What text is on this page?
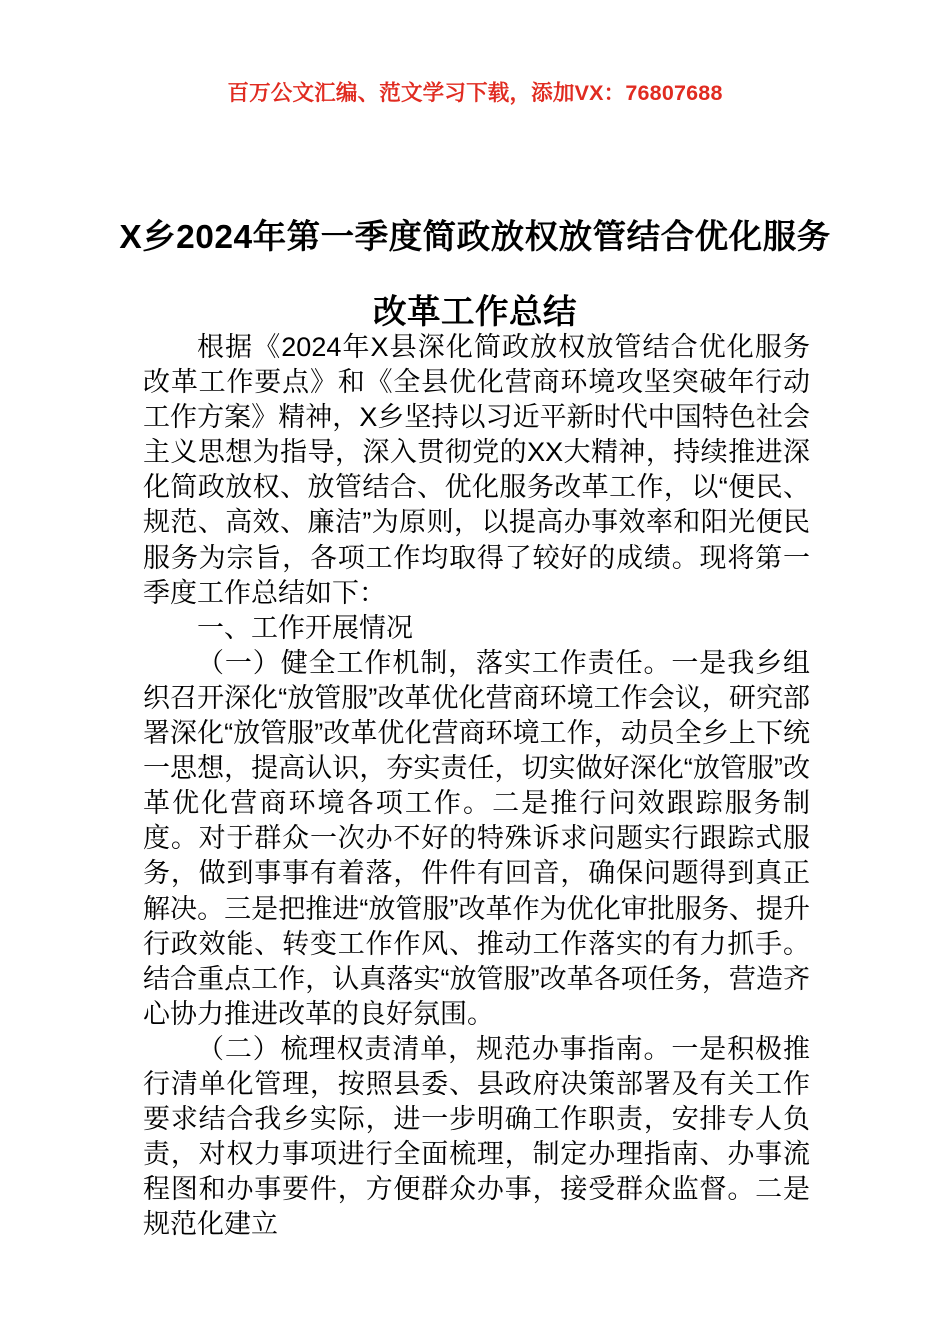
百万公文汇编、范文学习下载，添加VX：76807688
X乡2024年第一季度简政放权放管结合优化服务改革工作总结

根据《2024年X县深化简政放权放管结合优化服务改革工作要点》和《全县优化营商环境攻坚突破年行动工作方案》精神，X乡坚持以习近平新时代中国特色社会主义思想为指导，深入贯彻党的XX大精神，持续推进深化简政放权、放管结合、优化服务改革工作，以“便民、规范、高效、廉洁”为原则，以提高办事效率和阳光便民服务为宗旨，各项工作均取得了较好的成绩。现将第一季度工作总结如下：

一、工作开展情况

（一）健全工作机制，落实工作责任。一是我乡组织召开深化“放管服”改革优化营商环境工作会议，研究部署深化“放管服”改革优化营商环境工作，动员全乡上下统一思想，提高认识，夯实责任，切实做好深化“放管服”改革优化营商环境各项工作。二是推行问效跟踪服务制度。对于群众一次办不好的特殊诉求问题实行跟踪式服务，做到事事有着落，件件有回音，确保问题得到真正解决。三是把推进“放管服”改革作为优化审批服务、提升行政效能、转变工作作风、推动工作落实的有力抓手。结合重点工作，认真落实“放管服”改革各项任务，营造齐心协力推进改革的良好氛围。

（二）梳理权责清单，规范办事指南。一是积极推行清单化管理，按照县委、县政府决策部署及有关工作要求结合我乡实际，进一步明确工作职责，安排专人负责，对权力事项进行全面梳理，制定办理指南、办事流程图和办事要件，方便群众办事，接受群众监督。二是规范化建立
